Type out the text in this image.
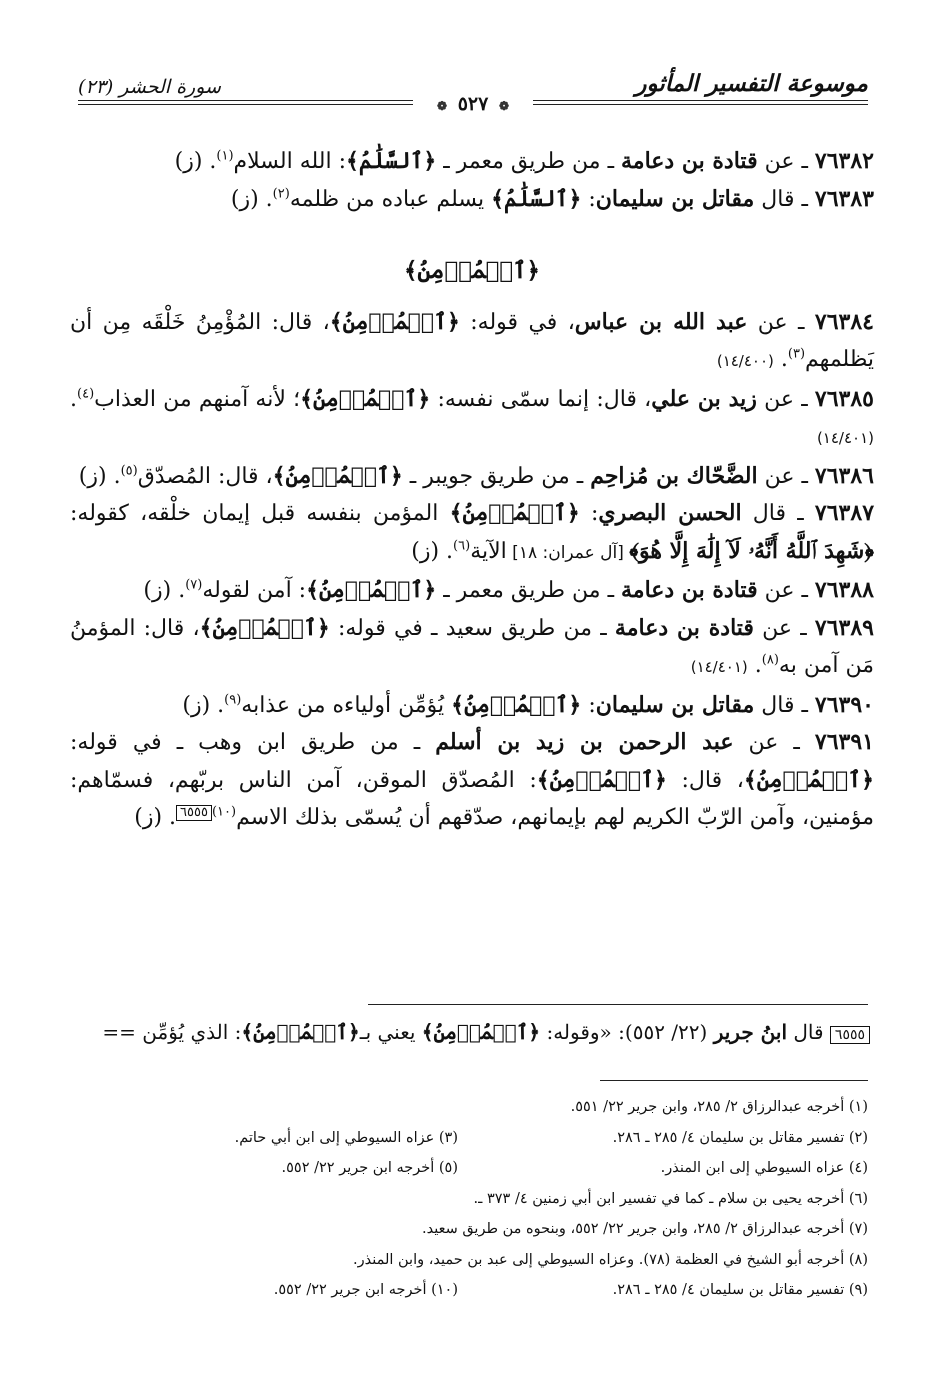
موسوعة التفسير المأثور
سورة الحشر (٢٣)
❁ ٥٢٧ ❁

٧٦٣٨٢ ـ عن قتادة بن دعامة ـ من طريق معمر ـ ﴿ٱلسَّلَٰمُ﴾: الله السلام$^{(١)}$. (ز)

٧٦٣٨٣ ـ قال مقاتل بن سليمان: ﴿ٱلسَّلَٰمُ﴾ يسلم عباده من ظلمه$^{(٢)}$. (ز)

﴿ٱلۡمُؤۡمِنُ﴾

٧٦٣٨٤ ـ عن عبد الله بن عباس، في قوله: ﴿ٱلۡمُؤۡمِنُ﴾، قال: المُؤْمِنُ خَلْقَه مِن أن يَظلمهم$^{(٣)}$. (١٤/٤٠٠)

٧٦٣٨٥ ـ عن زيد بن علي، قال: إنما سمّى نفسه: ﴿ٱلۡمُؤۡمِنُ﴾؛ لأنه آمنهم من العذاب$^{(٤)}$. (١٤/٤٠١)

٧٦٣٨٦ ـ عن الضَّحّاك بن مُزاحِم ـ من طريق جويبر ـ ﴿ٱلۡمُؤۡمِنُ﴾، قال: المُصدّق$^{(٥)}$. (ز)

٧٦٣٨٧ ـ قال الحسن البصري: ﴿ٱلۡمُؤۡمِنُ﴾ المؤمن بنفسه قبل إيمان خلْقه، كقوله: ﴿شَهِدَ ٱللَّهُ أَنَّهُۥ لَآ إِلَٰهَ إِلَّا هُوَ﴾ [آل عمران: ١٨] الآية$^{(٦)}$. (ز)

٧٦٣٨٨ ـ عن قتادة بن دعامة ـ من طريق معمر ـ ﴿ٱلۡمُؤۡمِنُ﴾: آمن لقوله$^{(٧)}$. (ز)

٧٦٣٨٩ ـ عن قتادة بن دعامة ـ من طريق سعيد ـ في قوله: ﴿ٱلۡمُؤۡمِنُ﴾، قال: المؤمنُ مَن آمن به$^{(٨)}$. (١٤/٤٠١)

٧٦٣٩٠ ـ قال مقاتل بن سليمان: ﴿ٱلۡمُؤۡمِنُ﴾ يُؤمِّن أولياءه من عذابه$^{(٩)}$. (ز)

٧٦٣٩١ ـ عن عبد الرحمن بن زيد بن أسلم ـ من طريق ابن وهب ـ في قوله: ﴿ٱلۡمُؤۡمِنُ﴾، قال: ﴿ٱلۡمُؤۡمِنُ﴾: المُصدّق الموقن، آمن الناس بربّهم، فسمّاهم: مؤمنين، وآمن الرّبّ الكريم لهم بإيمانهم، صدّقهم أن يُسمّى بذلك الاسم$^{(١٠)}$٦٥٥٥. (ز)

٦٥٥٥ قال ابنُ جرير (٢٢/ ٥٥٢): «وقوله: ﴿ٱلۡمُؤۡمِنُ﴾ يعني بـ﴿ٱلۡمُؤۡمِنُ﴾: الذي يُؤمِّن ==
(١) أخرجه عبدالرزاق ٢/ ٢٨٥، وابن جرير ٢٢/ ٥٥١.
(٢) تفسير مقاتل بن سليمان ٤/ ٢٨٥ ـ ٢٨٦.
(٣) عزاه السيوطي إلى ابن أبي حاتم.
(٤) عزاه السيوطي إلى ابن المنذر.
(٥) أخرجه ابن جرير ٢٢/ ٥٥٢.
(٦) أخرجه يحيى بن سلام ـ كما في تفسير ابن أبي زمنين ٤/ ٣٧٣ ـ.
(٧) أخرجه عبدالرزاق ٢/ ٢٨٥، وابن جرير ٢٢/ ٥٥٢، وبنحوه من طريق سعيد.
(٨) أخرجه أبو الشيخ في العظمة (٧٨). وعزاه السيوطي إلى عبد بن حميد، وابن المنذر.
(٩) تفسير مقاتل بن سليمان ٤/ ٢٨٥ ـ ٢٨٦.
(١٠) أخرجه ابن جرير ٢٢/ ٥٥٢.
